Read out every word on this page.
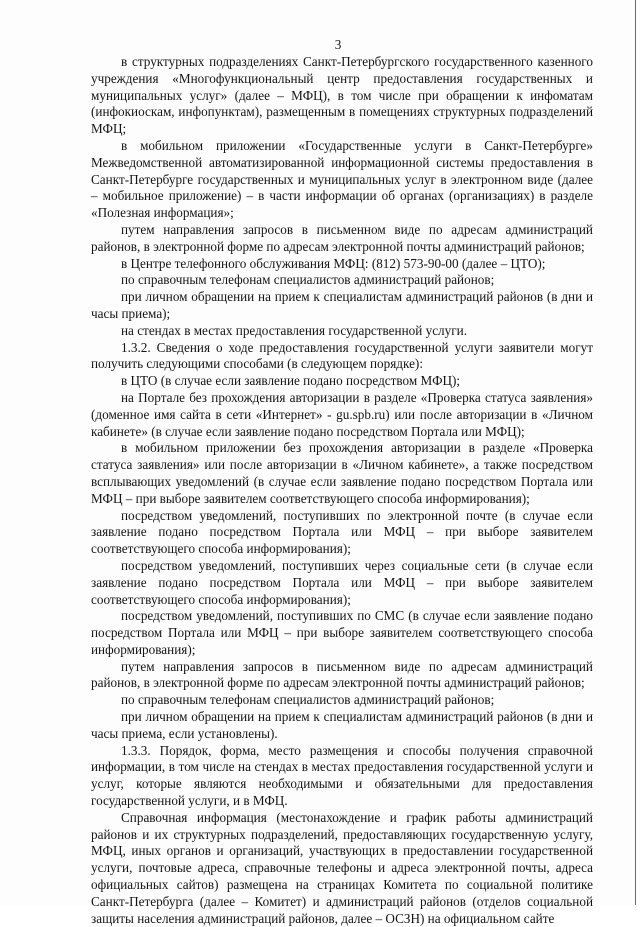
3

в структурных подразделениях Санкт-Петербургского государственного казенного учреждения «Многофункциональный центр предоставления государственных и муниципальных услуг» (далее – МФЦ), в том числе при обращении к инфоматам (инфокиоскам, инфопунктам), размещенным в помещениях структурных подразделений МФЦ;

в мобильном приложении «Государственные услуги в Санкт-Петербурге» Межведомственной автоматизированной информационной системы предоставления в Санкт-Петербурге государственных и муниципальных услуг в электронном виде (далее – мобильное приложение) – в части информации об органах (организациях) в разделе «Полезная информация»;

путем направления запросов в письменном виде по адресам администраций районов, в электронной форме по адресам электронной почты администраций районов;

в Центре телефонного обслуживания МФЦ: (812) 573-90-00 (далее – ЦТО);

по справочным телефонам специалистов администраций районов;

при личном обращении на прием к специалистам администраций районов (в дни и часы приема);

на стендах в местах предоставления государственной услуги.

1.3.2. Сведения о ходе предоставления государственной услуги заявители могут получить следующими способами (в следующем порядке):

в ЦТО (в случае если заявление подано посредством МФЦ);

на Портале без прохождения авторизации в разделе «Проверка статуса заявления» (доменное имя сайта в сети «Интернет» - gu.spb.ru) или после авторизации в «Личном кабинете» (в случае если заявление подано посредством Портала или МФЦ);

в мобильном приложении без прохождения авторизации в разделе «Проверка статуса заявления» или после авторизации в «Личном кабинете», а также посредством всплывающих уведомлений (в случае если заявление подано посредством Портала или МФЦ – при выборе заявителем соответствующего способа информирования);

посредством уведомлений, поступивших по электронной почте (в случае если заявление подано посредством Портала или МФЦ – при выборе заявителем соответствующего способа информирования);

посредством уведомлений, поступивших через социальные сети (в случае если заявление подано посредством Портала или МФЦ – при выборе заявителем соответствующего способа информирования);

посредством уведомлений, поступивших по СМС (в случае если заявление подано посредством Портала или МФЦ – при выборе заявителем соответствующего способа информирования);

путем направления запросов в письменном виде по адресам администраций районов, в электронной форме по адресам электронной почты администраций районов;

по справочным телефонам специалистов администраций районов;

при личном обращении на прием к специалистам администраций районов (в дни и часы приема, если установлены).

1.3.3. Порядок, форма, место размещения и способы получения справочной информации, в том числе на стендах в местах предоставления государственной услуги и услуг, которые являются необходимыми и обязательными для предоставления государственной услуги, и в МФЦ.

Справочная информация (местонахождение и график работы администраций районов и их структурных подразделений, предоставляющих государственную услугу, МФЦ, иных органов и организаций, участвующих в предоставлении государственной услуги, почтовые адреса, справочные телефоны и адреса электронной почты, адреса официальных сайтов) размещена на страницах Комитета по социальной политике Санкт-Петербурга (далее – Комитет) и администраций районов (отделов социальной защиты населения администраций районов, далее – ОСЗН) на официальном сайте
